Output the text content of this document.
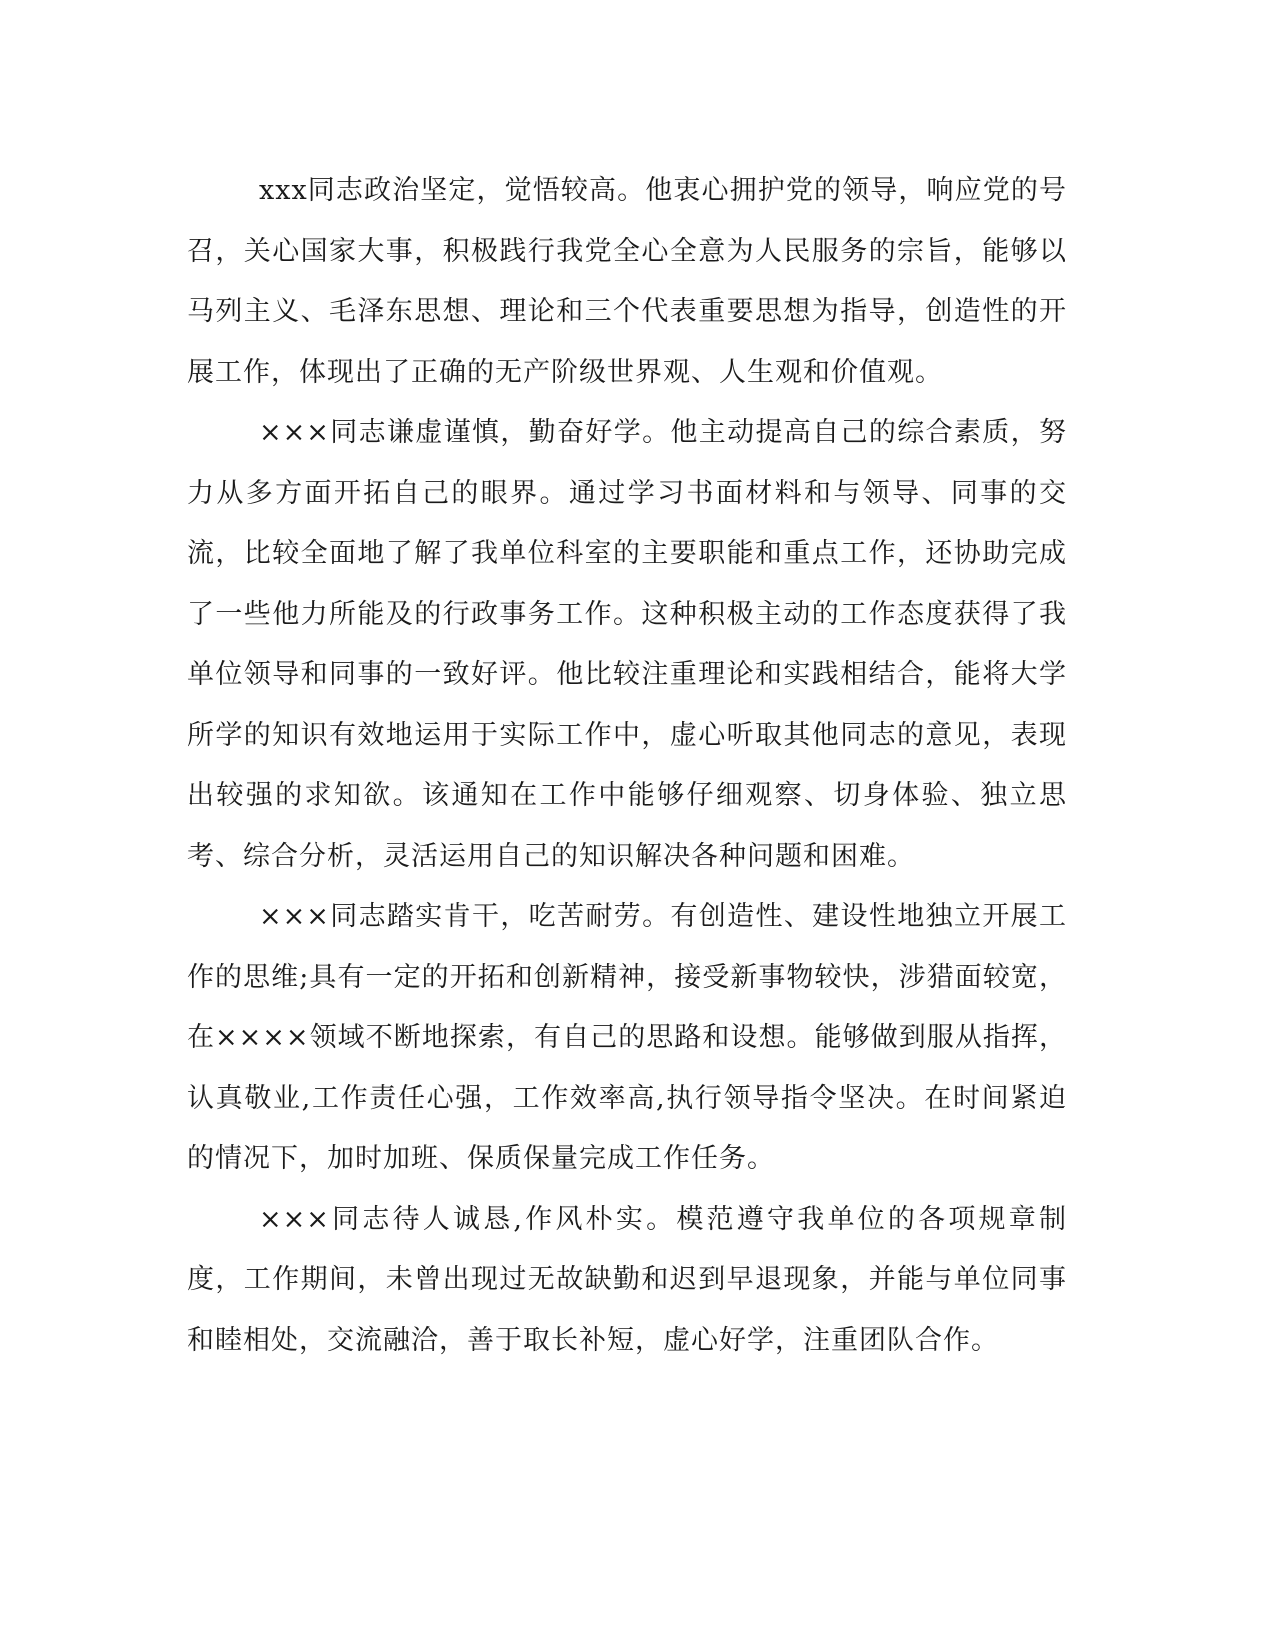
xxx同志政治坚定，觉悟较高。他衷心拥护党的领导，响应党的号召，关心国家大事，积极践行我党全心全意为人民服务的宗旨，能够以马列主义、毛泽东思想、理论和三个代表重要思想为指导，创造性的开展工作，体现出了正确的无产阶级世界观、人生观和价值观。

×××同志谦虚谨慎，勤奋好学。他主动提高自己的综合素质，努力从多方面开拓自己的眼界。通过学习书面材料和与领导、同事的交流，比较全面地了解了我单位科室的主要职能和重点工作，还协助完成了一些他力所能及的行政事务工作。这种积极主动的工作态度获得了我单位领导和同事的一致好评。他比较注重理论和实践相结合，能将大学所学的知识有效地运用于实际工作中，虚心听取其他同志的意见，表现出较强的求知欲。该通知在工作中能够仔细观察、切身体验、独立思考、综合分析，灵活运用自己的知识解决各种问题和困难。

×××同志踏实肯干，吃苦耐劳。有创造性、建设性地独立开展工作的思维;具有一定的开拓和创新精神，接受新事物较快，涉猎面较宽，在××××领域不断地探索，有自己的思路和设想。能够做到服从指挥，认真敬业,工作责任心强，工作效率高,执行领导指令坚决。在时间紧迫的情况下，加时加班、保质保量完成工作任务。

×××同志待人诚恳,作风朴实。模范遵守我单位的各项规章制度，工作期间，未曾出现过无故缺勤和迟到早退现象，并能与单位同事和睦相处，交流融洽，善于取长补短，虚心好学，注重团队合作。
